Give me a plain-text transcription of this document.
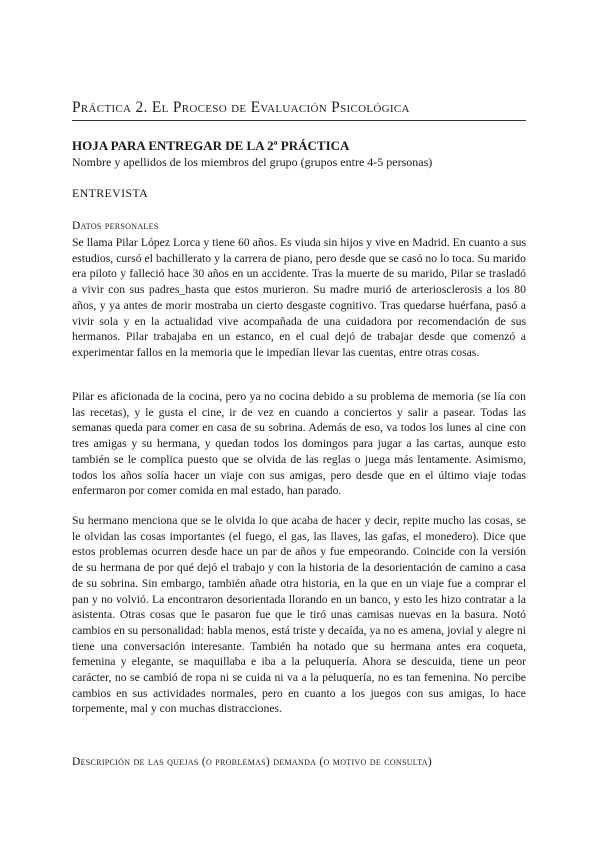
Práctica 2. El Proceso de Evaluación Psicológica
HOJA PARA ENTREGAR DE LA 2ª PRÁCTICA
Nombre y apellidos de los miembros del grupo (grupos entre 4-5 personas)
ENTREVISTA
Datos personales

Se llama Pilar López Lorca y tiene 60 años. Es viuda sin hijos y vive en Madrid. En cuanto a sus estudios, cursó el bachillerato y la carrera de piano, pero desde que se casó no lo toca. Su marido era piloto y falleció hace 30 años en un accidente. Tras la muerte de su marido, Pilar se trasladó a vivir con sus padres_hasta que estos murieron. Su madre murió de arteriosclerosis a los 80 años, y ya antes de morir mostraba un cierto desgaste cognitivo. Tras quedarse huérfana, pasó a vivir sola y en la actualidad vive acompañada de una cuidadora por recomendación de sus hermanos. Pilar trabajaba en un estanco, en el cual dejó de trabajar desde que comenzó a experimentar fallos en la memoria que le impedían llevar las cuentas, entre otras cosas.

Pilar es aficionada de la cocina, pero ya no cocina debido a su problema de memoria (se lía con las recetas), y le gusta el cine, ir de vez en cuando a conciertos y salir a pasear. Todas las semanas queda para comer en casa de su sobrina. Además de eso, va todos los lunes al cine con tres amigas y su hermana, y quedan todos los domingos para jugar a las cartas, aunque esto también se le complica puesto que se olvida de las reglas o juega más lentamente. Asimismo, todos los años solía hacer un viaje con sus amigas, pero desde que en el último viaje todas enfermaron por comer comida en mal estado, han parado.

Su hermano menciona que se le olvida lo que acaba de hacer y decir, repite mucho las cosas, se le olvidan las cosas importantes (el fuego, el gas, las llaves, las gafas, el monedero). Dice que estos problemas ocurren desde hace un par de años y fue empeorando. Coincide con la versión de su hermana de por qué dejó el trabajo y con la historia de la desorientación de camino a casa de su sobrina. Sin embargo, también añade otra historia, en la que en un viaje fue a comprar el pan y no volvió. La encontraron desorientada llorando en un banco, y esto les hizo contratar a la asistenta. Otras cosas que le pasaron fue que le tiró unas camisas nuevas en la basura. Notó cambios en su personalidad: habla menos, está triste y decaída, ya no es amena, jovial y alegre ni tiene una conversación interesante. También ha notado que su hermana antes era coqueta, femenina y elegante, se maquillaba e iba a la peluquería. Ahora se descuida, tiene un peor carácter, no se cambió de ropa ni se cuida ni va a la peluquería, no es tan femenina. No percibe cambios en sus actividades normales, pero en cuanto a los juegos con sus amigas, lo hace torpemente, mal y con muchas distracciones.

Descripción de las quejas (o problemas) demanda (o motivo de consulta)
